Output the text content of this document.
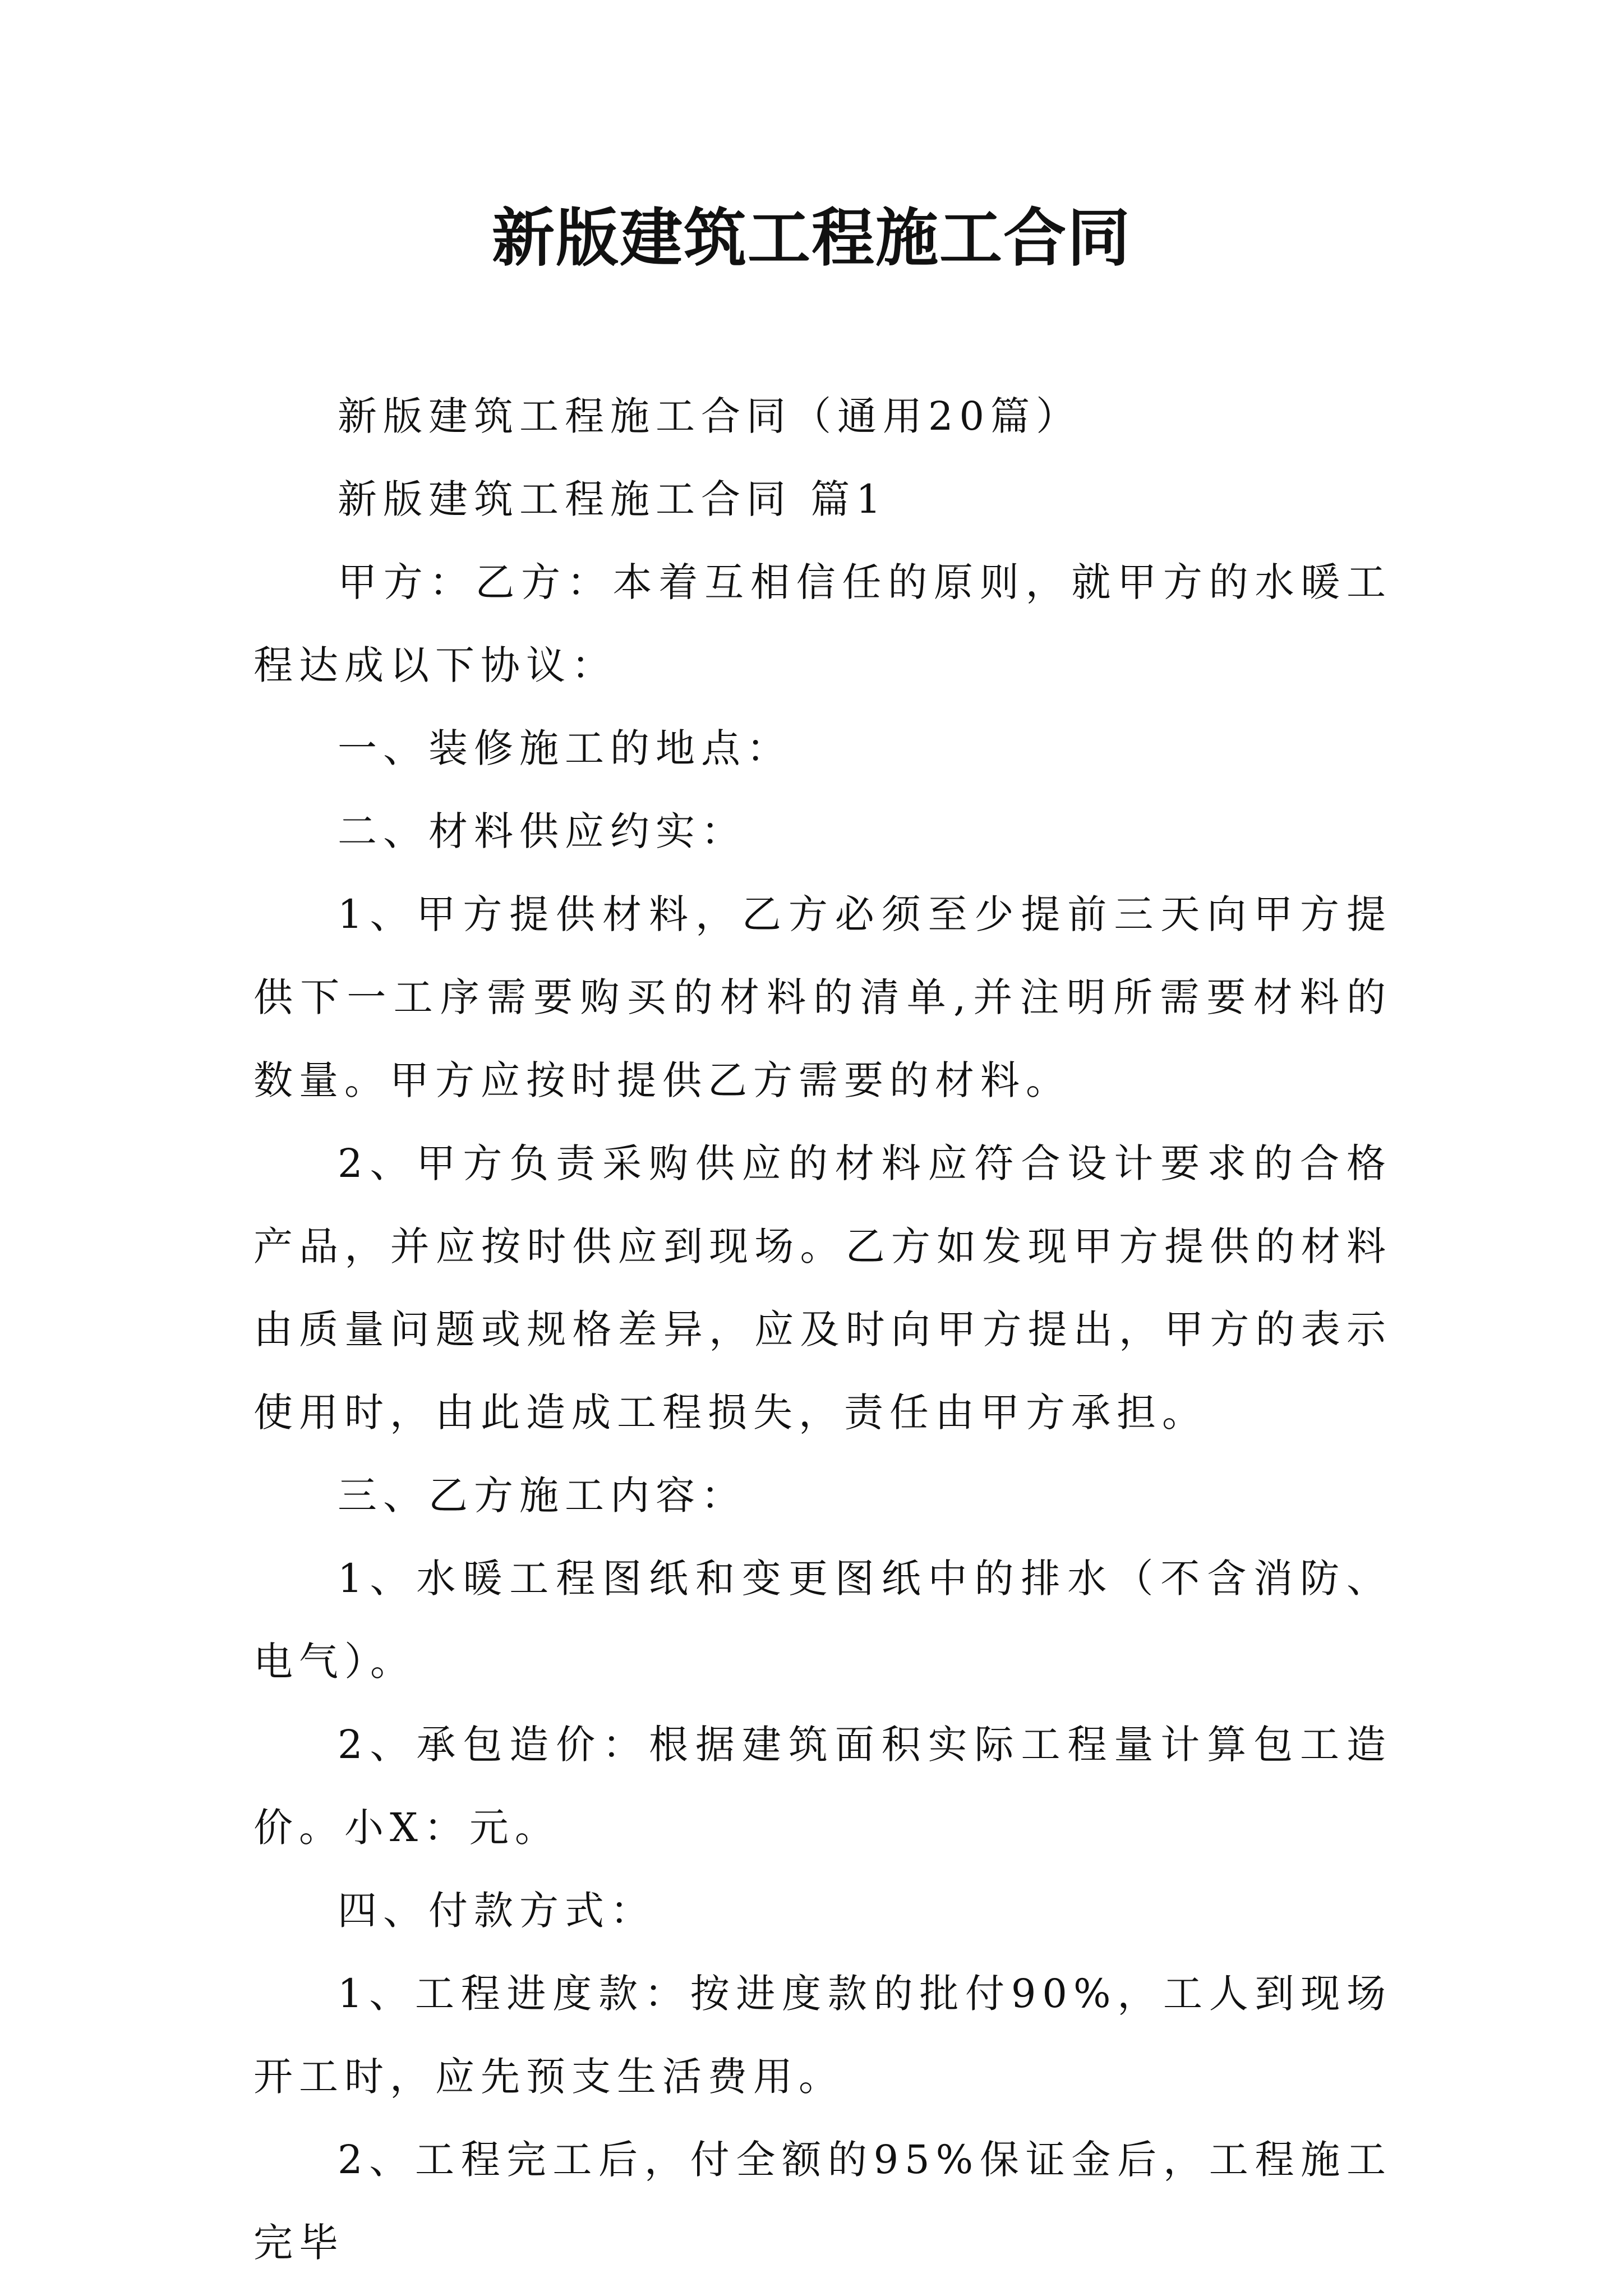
新版建筑工程施工合同

新版建筑工程施工合同（通用20篇）

新版建筑工程施工合同 篇1

甲方：乙方：本着互相信任的原则，就甲方的水暖工程达成以下协议：

一、装修施工的地点：

二、材料供应约实：

1、甲方提供材料，乙方必须至少提前三天向甲方提供下一工序需要购买的材料的清单,并注明所需要材料的数量。甲方应按时提供乙方需要的材料。

2、甲方负责采购供应的材料应符合设计要求的合格产品，并应按时供应到现场。乙方如发现甲方提供的材料由质量问题或规格差异，应及时向甲方提出，甲方的表示使用时，由此造成工程损失，责任由甲方承担。

三、乙方施工内容：

1、水暖工程图纸和变更图纸中的排水（不含消防、电气）。

2、承包造价：根据建筑面积实际工程量计算包工造价。小X：元。

四、付款方式：

1、工程进度款：按进度款的批付90%，工人到现场开工时，应先预支生活费用。

2、工程完工后，付全额的95%保证金后，工程施工完毕
